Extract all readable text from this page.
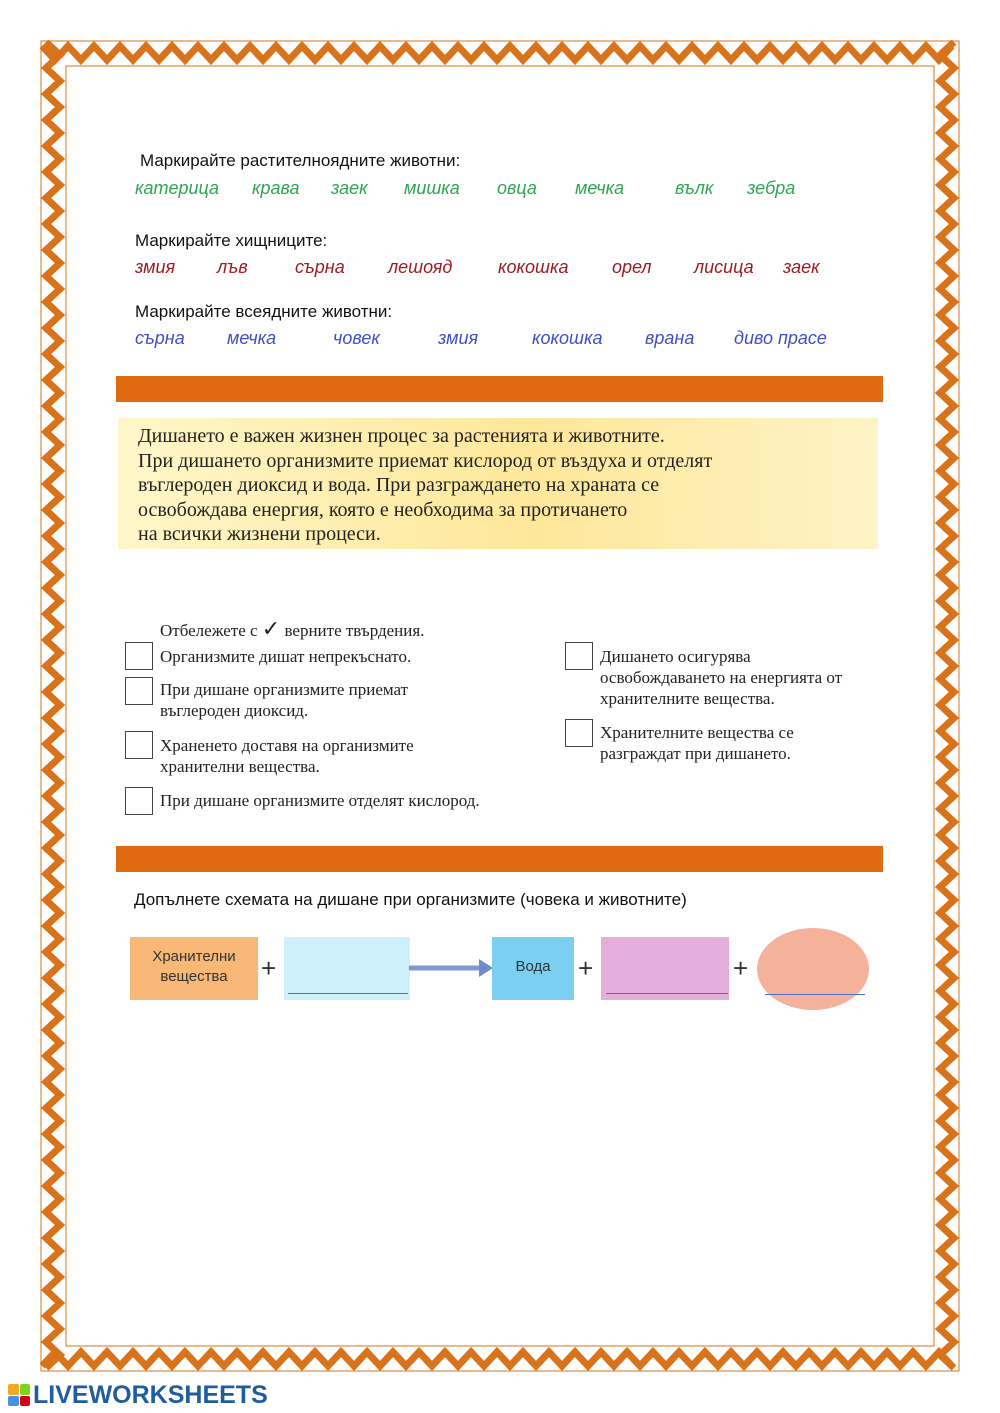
Маркирайте растителноядните животни:
катерица крава заек мишка овца мечка	вълк зебра
Маркирайте хищниците:
змия лъв	сърна лешояд	кокошка орел лисица заек
Маркирайте всеядните животни:
сърна мечка	човек	змия	кокошка врана диво прасе

Дишането е важен жизнен процес за растенията и животните.
При дишането организмите приемат кислород от въздуха и отделят
въглероден диоксид и вода. При разграждането на храната се
освобождава енергия, която е необходима за протичането
на всички жизнени процеси.

Отбележете с ✓ верните твърдения.
Организмите дишат непрекъснато.
При дишане организмите приемат въглероден диоксид.
Храненето доставя на организмите хранителни вещества.
При дишане организмите отделят кислород.
Дишането осигурява освобождаването на енергията от хранителните вещества.
Хранителните вещества се разграждат при дишането.
Допълнете схемата на дишане при организмите (човека и животните)
Хранителни вещества	+	Вода	+	+
LIVEWORKSHEETS
